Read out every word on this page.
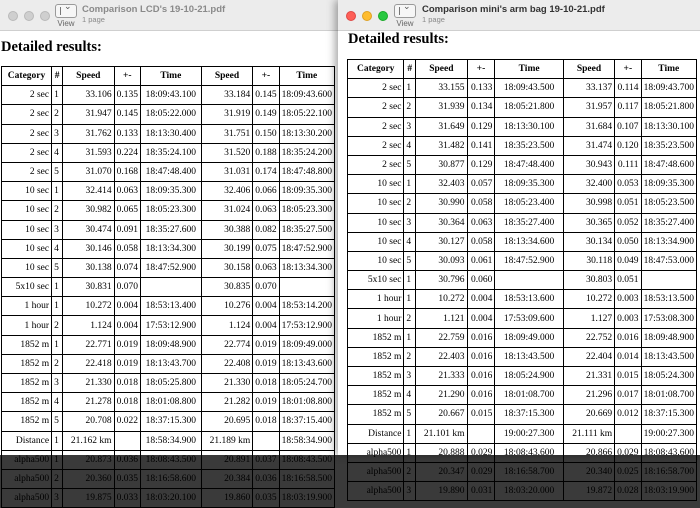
⌄
View
Comparison LCD's 19-10-21.pdf
1 page
Detailed results:
Category	#	Speed	+-	Time	Speed	+-	Time
2 sec	1	33.106	0.135	18:09:43.100	33.184	0.145	18:09:43.600
2 sec	2	31.947	0.145	18:05:22.000	31.919	0.149	18:05:22.100
2 sec	3	31.762	0.133	18:13:30.400	31.751	0.150	18:13:30.200
2 sec	4	31.593	0.224	18:35:24.100	31.520	0.188	18:35:24.200
2 sec	5	31.070	0.168	18:47:48.400	31.031	0.174	18:47:48.800
10 sec	1	32.414	0.063	18:09:35.300	32.406	0.066	18:09:35.300
10 sec	2	30.982	0.065	18:05:23.300	31.024	0.063	18:05:23.300
10 sec	3	30.474	0.091	18:35:27.600	30.388	0.082	18:35:27.500
10 sec	4	30.146	0.058	18:13:34.300	30.199	0.075	18:47:52.900
10 sec	5	30.138	0.074	18:47:52.900	30.158	0.063	18:13:34.300
5x10 sec	1	30.831	0.070		30.835	0.070	
1 hour	1	10.272	0.004	18:53:13.400	10.276	0.004	18:53:14.200
1 hour	2	1.124	0.004	17:53:12.900	1.124	0.004	17:53:12.900
1852 m	1	22.771	0.019	18:09:48.900	22.774	0.019	18:09:49.000
1852 m	2	22.418	0.019	18:13:43.700	22.408	0.019	18:13:43.600
1852 m	3	21.330	0.018	18:05:25.800	21.330	0.018	18:05:24.700
1852 m	4	21.278	0.018	18:01:08.800	21.282	0.019	18:01:08.800
1852 m	5	20.708	0.022	18:37:15.300	20.695	0.018	18:37:15.400
Distance	1	21.162 km		18:58:34.900	21.189 km		18:58:34.900
alpha500	1	20.873	0.036	18:08:43.500	20.891	0.037	18:08:43.500
alpha500	2	20.360	0.035	18:16:58.600	20.384	0.036	18:16:58.500
alpha500	3	19.875	0.033	18:03:20.100	19.860	0.035	18:03:19.900
⌄
View
Comparison mini's arm bag 19-10-21.pdf
1 page
Detailed results:
Category	#	Speed	+-	Time	Speed	+-	Time
2 sec	1	33.155	0.133	18:09:43.500	33.137	0.114	18:09:43.700
2 sec	2	31.939	0.134	18:05:21.800	31.957	0.117	18:05:21.800
2 sec	3	31.649	0.129	18:13:30.100	31.684	0.107	18:13:30.100
2 sec	4	31.482	0.141	18:35:23.500	31.474	0.120	18:35:23.500
2 sec	5	30.877	0.129	18:47:48.400	30.943	0.111	18:47:48.600
10 sec	1	32.403	0.057	18:09:35.300	32.400	0.053	18:09:35.300
10 sec	2	30.990	0.058	18:05:23.400	30.998	0.051	18:05:23.500
10 sec	3	30.364	0.063	18:35:27.400	30.365	0.052	18:35:27.400
10 sec	4	30.127	0.058	18:13:34.600	30.134	0.050	18:13:34.900
10 sec	5	30.093	0.061	18:47:52.900	30.118	0.049	18:47:53.000
5x10 sec	1	30.796	0.060		30.803	0.051	
1 hour	1	10.272	0.004	18:53:13.600	10.272	0.003	18:53:13.500
1 hour	2	1.121	0.004	17:53:09.600	1.127	0.003	17:53:08.300
1852 m	1	22.759	0.016	18:09:49.000	22.752	0.016	18:09:48.900
1852 m	2	22.403	0.016	18:13:43.500	22.404	0.014	18:13:43.500
1852 m	3	21.333	0.016	18:05:24.900	21.331	0.015	18:05:24.300
1852 m	4	21.290	0.016	18:01:08.700	21.296	0.017	18:01:08.700
1852 m	5	20.667	0.015	18:37:15.300	20.669	0.012	18:37:15.300
Distance	1	21.101 km		19:00:27.300	21.111 km		19:00:27.300
alpha500	1	20.888	0.029	18:08:43.600	20.866	0.029	18:08:43.600
alpha500	2	20.347	0.029	18:16:58.700	20.340	0.025	18:16:58.700
alpha500	3	19.890	0.031	18:03:20.000	19.872	0.028	18:03:19.900
